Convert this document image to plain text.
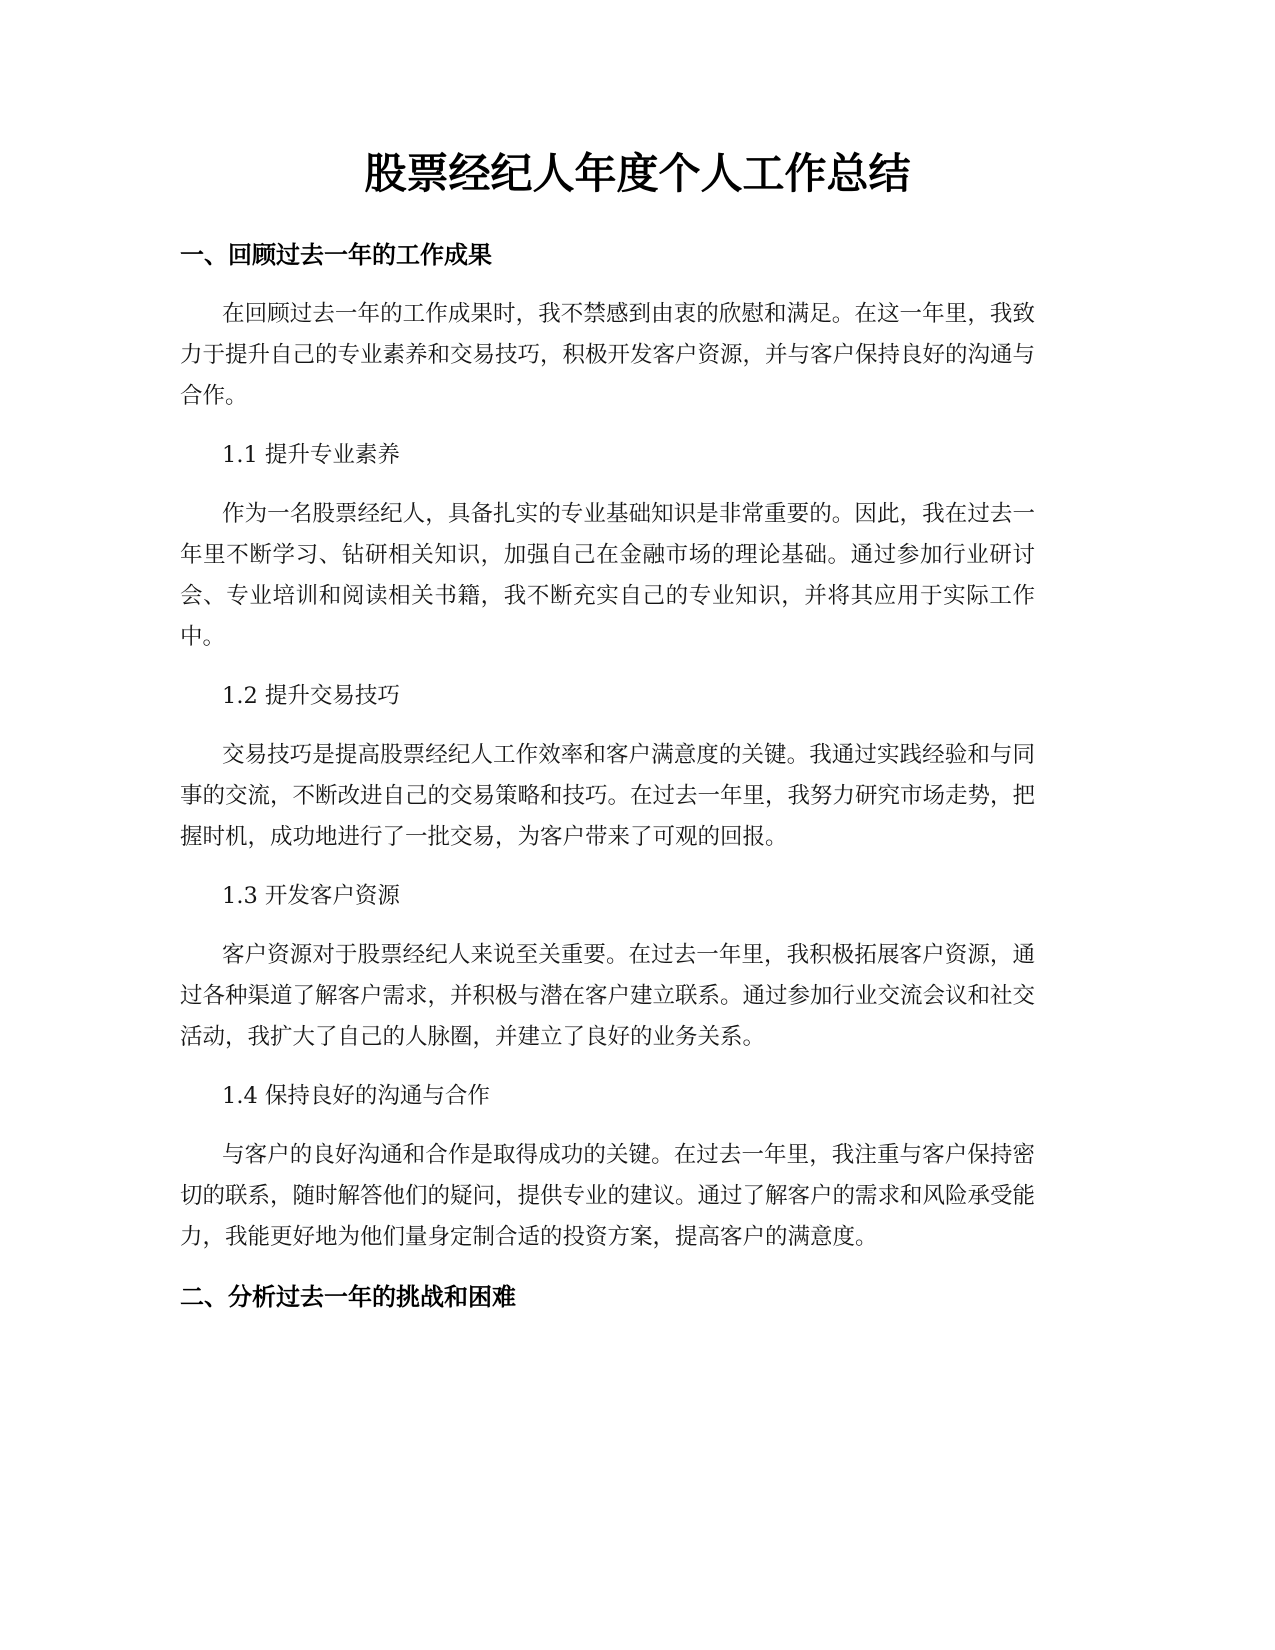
股票经纪人年度个人工作总结
一、回顾过去一年的工作成果

在回顾过去一年的工作成果时，我不禁感到由衷的欣慰和满足。在这一年里，我致力于提升自己的专业素养和交易技巧，积极开发客户资源，并与客户保持良好的沟通与合作。

1.1 提升专业素养

作为一名股票经纪人，具备扎实的专业基础知识是非常重要的。因此，我在过去一年里不断学习、钻研相关知识，加强自己在金融市场的理论基础。通过参加行业研讨会、专业培训和阅读相关书籍，我不断充实自己的专业知识，并将其应用于实际工作中。

1.2 提升交易技巧

交易技巧是提高股票经纪人工作效率和客户满意度的关键。我通过实践经验和与同事的交流，不断改进自己的交易策略和技巧。在过去一年里，我努力研究市场走势，把握时机，成功地进行了一批交易，为客户带来了可观的回报。

1.3 开发客户资源

客户资源对于股票经纪人来说至关重要。在过去一年里，我积极拓展客户资源，通过各种渠道了解客户需求，并积极与潜在客户建立联系。通过参加行业交流会议和社交活动，我扩大了自己的人脉圈，并建立了良好的业务关系。

1.4 保持良好的沟通与合作

与客户的良好沟通和合作是取得成功的关键。在过去一年里，我注重与客户保持密切的联系，随时解答他们的疑问，提供专业的建议。通过了解客户的需求和风险承受能力，我能更好地为他们量身定制合适的投资方案，提高客户的满意度。

二、分析过去一年的挑战和困难
